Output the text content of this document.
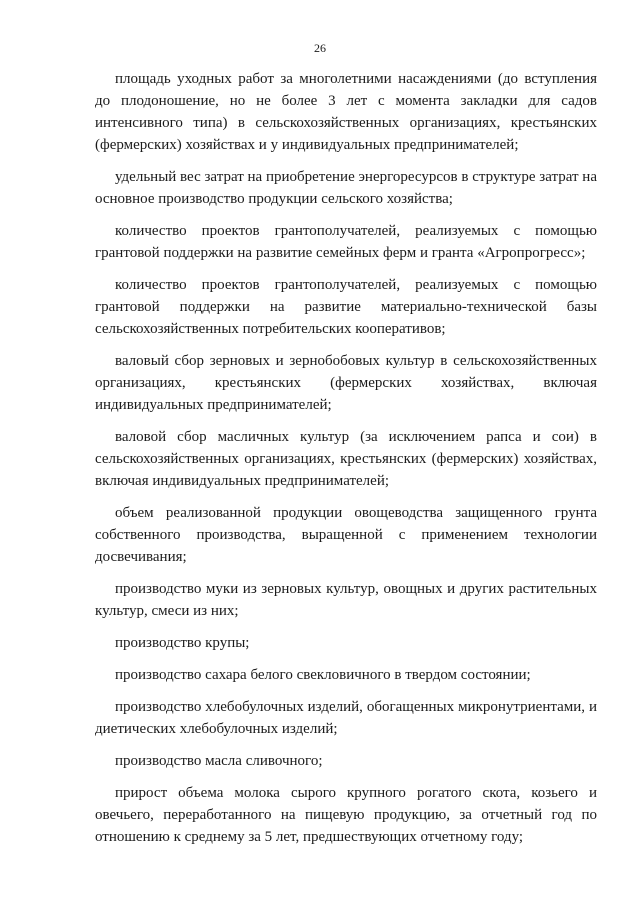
26

площадь уходных работ за многолетними насаждениями (до вступления до плодоношение, но не более 3 лет с момента закладки для садов интенсивного типа) в сельскохозяйственных организациях, крестьянских (фермерских) хозяйствах и у индивидуальных предпринимателей;

удельный вес затрат на приобретение энергоресурсов в структуре затрат на основное производство продукции сельского хозяйства;

количество проектов грантополучателей, реализуемых с помощью грантовой поддержки на развитие семейных ферм и гранта «Агропрогресс»;

количество проектов грантополучателей, реализуемых с помощью грантовой поддержки на развитие материально-технической базы сельскохозяйственных потребительских кооперативов;

валовый сбор зерновых и зернобобовых культур в сельскохозяйственных организациях, крестьянских (фермерских хозяйствах, включая индивидуальных предпринимателей;

валовой сбор масличных культур (за исключением рапса и сои) в сельскохозяйственных организациях, крестьянских (фермерских) хозяйствах, включая индивидуальных предпринимателей;

объем реализованной продукции овощеводства защищенного грунта собственного производства, выращенной с применением технологии досвечивания;

производство муки из зерновых культур, овощных и других растительных культур, смеси из них;

производство крупы;

производство сахара белого свекловичного в твердом состоянии;

производство хлебобулочных изделий, обогащенных микронутриентами, и диетических хлебобулочных изделий;

производство масла сливочного;

прирост объема молока сырого крупного рогатого скота, козьего и овечьего, переработанного на пищевую продукцию, за отчетный год по отношению к среднему за 5 лет, предшествующих отчетному году;
